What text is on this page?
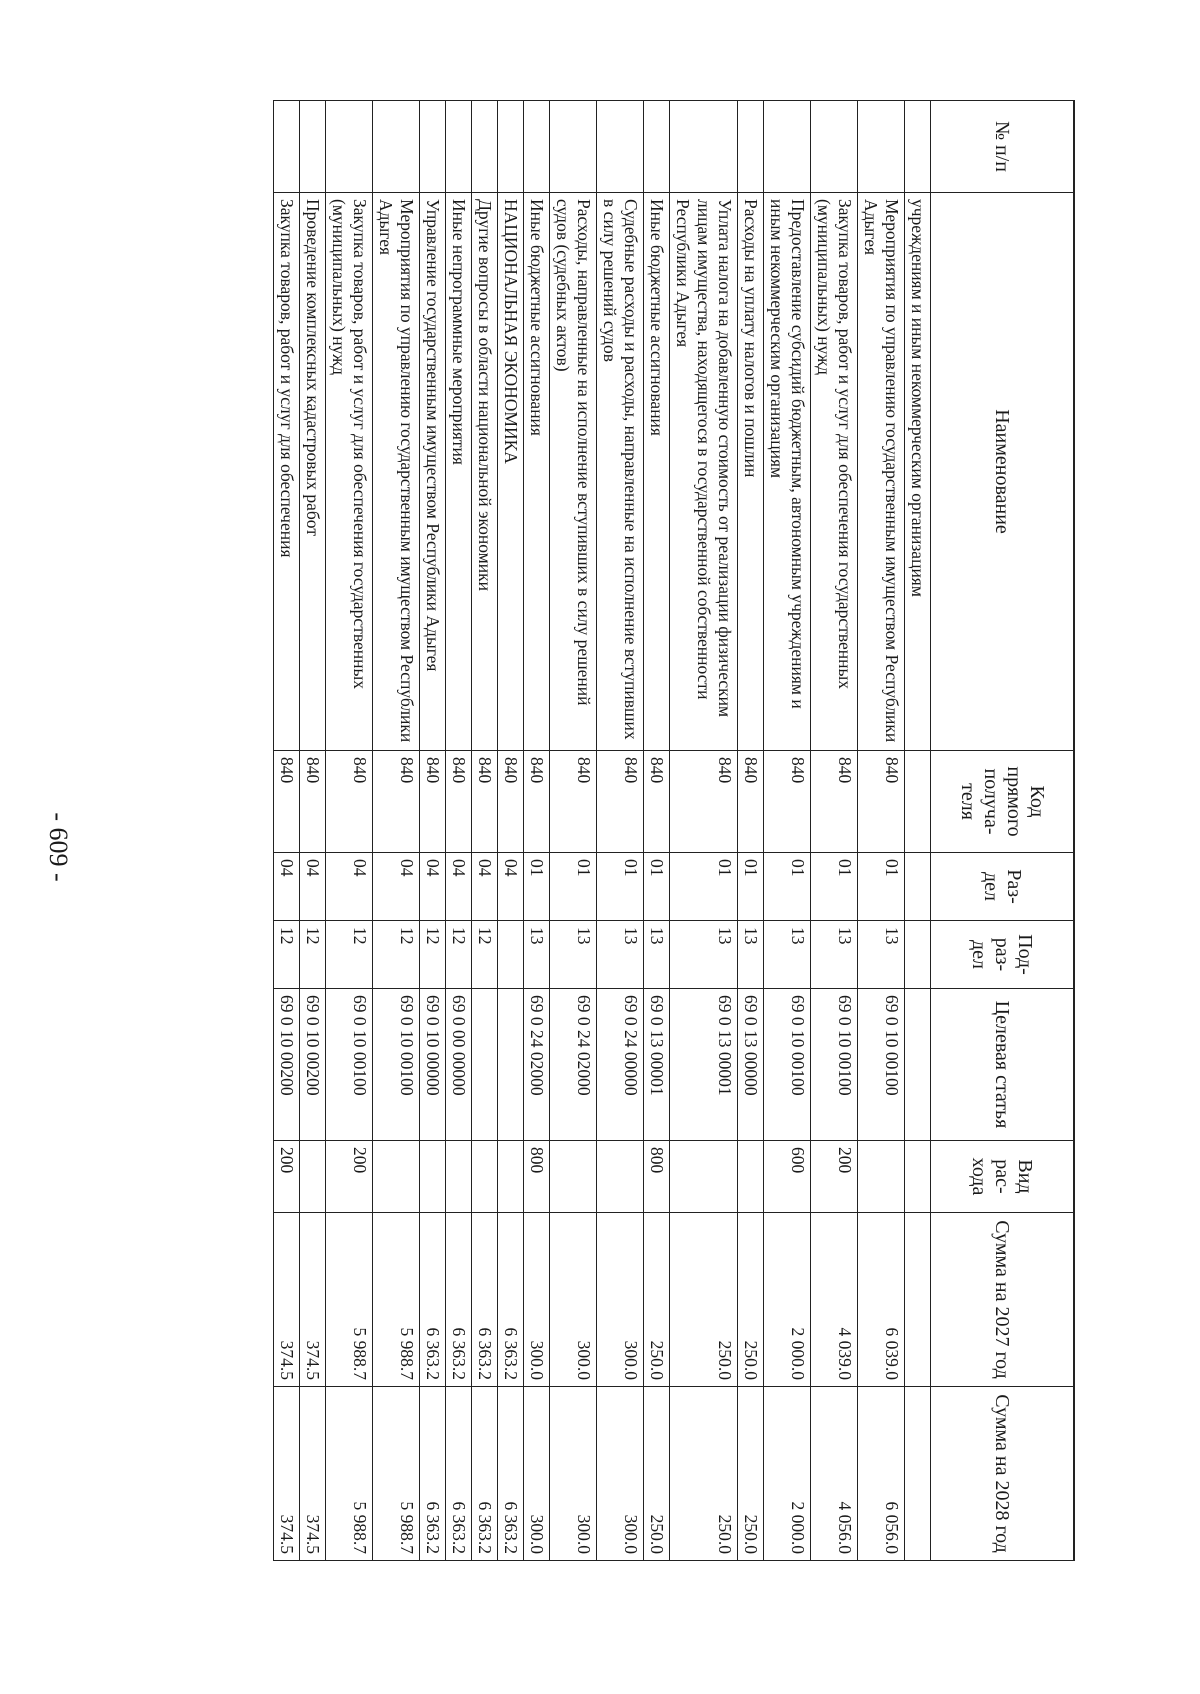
- 609 -
№ п/п	Наименование	Код прямого получа-теля	Раз-дел	Под-раз-дел	Целевая статья	Вид рас-хода	Сумма на 2027 год	Сумма на 2028 год
	учреждениям и иным некоммерческим организациям							
	Мероприятия по управлению государственным имуществом Республики Адыгея	840	01	13	69 0 10 00100		6 039.0	6 056.0
	Закупка товаров, работ и услуг для обеспечения государственных (муниципальных) нужд	840	01	13	69 0 10 00100	200	4 039.0	4 056.0
	Предоставление субсидий бюджетным, автономным учреждениям и иным некоммерческим организациям	840	01	13	69 0 10 00100	600	2 000.0	2 000.0
	Расходы на уплату налогов и пошлин	840	01	13	69 0 13 00000		250.0	250.0
	Уплата налога на добавленную стоимость от реализации физическим лицам имущества, находящегося в государственной собственности Республики Адыгея	840	01	13	69 0 13 00001		250.0	250.0
	Иные бюджетные ассигнования	840	01	13	69 0 13 00001	800	250.0	250.0
	Судебные расходы и расходы, направленные на исполнение вступивших в силу решений судов	840	01	13	69 0 24 00000		300.0	300.0
	Расходы, направленные на исполнение вступивших в силу решений судов (судебных актов)	840	01	13	69 0 24 02000		300.0	300.0
	Иные бюджетные ассигнования	840	01	13	69 0 24 02000	800	300.0	300.0
	НАЦИОНАЛЬНАЯ ЭКОНОМИКА	840	04				6 363.2	6 363.2
	Другие вопросы в области национальной экономики	840	04	12			6 363.2	6 363.2
	Иные непрограммные мероприятия	840	04	12	69 0 00 00000		6 363.2	6 363.2
	Управление государственным имуществом Республики Адыгея	840	04	12	69 0 10 00000		6 363.2	6 363.2
	Мероприятия по управлению государственным имуществом Республики Адыгея	840	04	12	69 0 10 00100		5 988.7	5 988.7
	Закупка товаров, работ и услуг для обеспечения государственных (муниципальных) нужд	840	04	12	69 0 10 00100	200	5 988.7	5 988.7
	Проведение комплексных кадастровых работ	840	04	12	69 0 10 00200		374.5	374.5
	Закупка товаров, работ и услуг для обеспечения	840	04	12	69 0 10 00200	200	374.5	374.5
